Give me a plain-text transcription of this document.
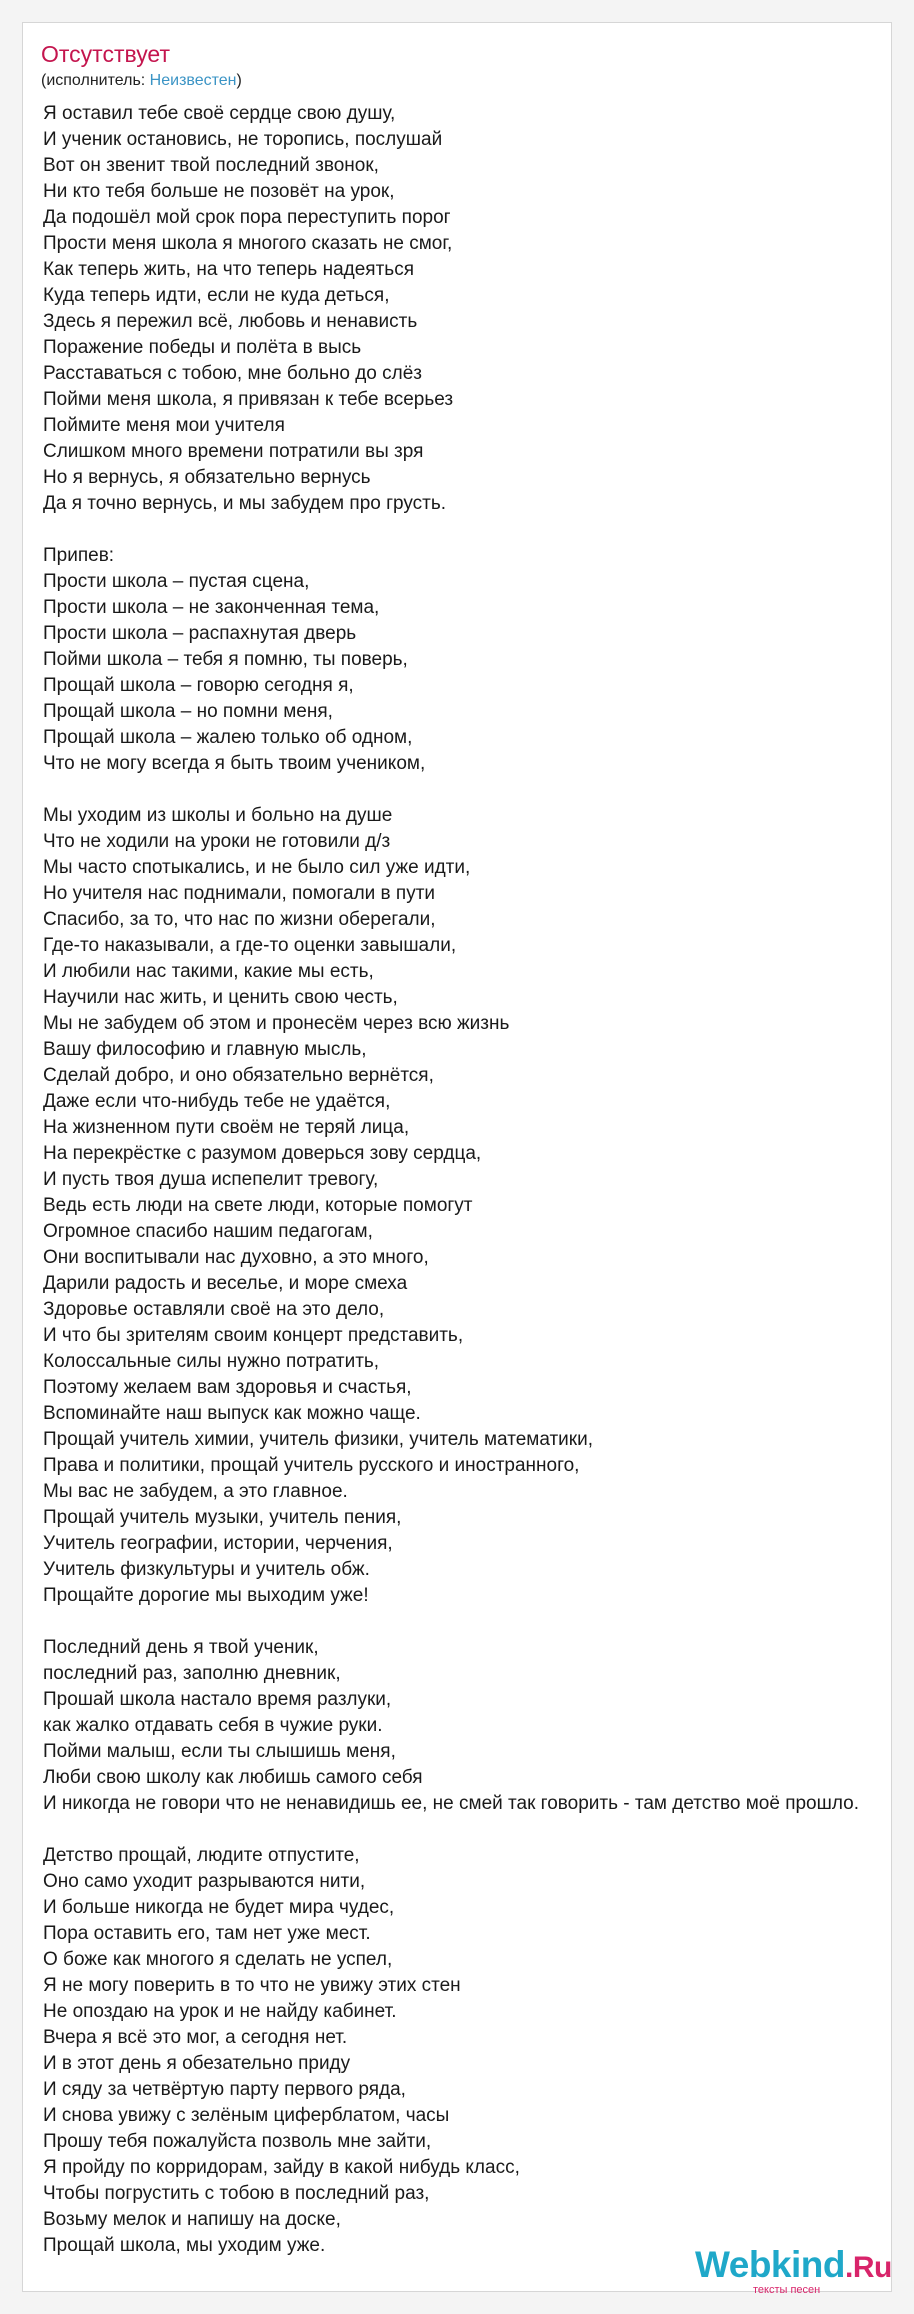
Отсутствует
(исполнитель: Неизвестен)
Я оставил тебе своё сердце свою душу,
И ученик остановись, не торопись, послушай
Вот он звенит твой последний звонок,
Ни кто тебя больше не позовёт на урок,
Да подошёл мой срок пора переступить порог
Прости меня школа я многого сказать не смог,
Как теперь жить, на что теперь надеяться
Куда теперь идти, если не куда деться,
Здесь я пережил всё, любовь и ненависть
Поражение победы и полёта в высь
Расставаться с тобою, мне больно до слёз
Пойми меня школа, я привязан к тебе всерьез
Поймите меня мои учителя
Слишком много времени потратили вы зря
Но я вернусь, я обязательно вернусь
Да я точно вернусь, и мы забудем про грусть.
Припев:
Прости школа – пустая сцена,
Прости школа – не законченная тема,
Прости школа – распахнутая дверь
Пойми школа – тебя я помню, ты поверь,
Прощай школа – говорю сегодня я,
Прощай школа – но помни меня,
Прощай школа – жалею только об одном,
Что не могу всегда я быть твоим учеником,
Мы уходим из школы и больно на душе
Что не ходили на уроки не готовили д/з
Мы часто спотыкались, и не было сил уже идти,
Но учителя нас поднимали, помогали в пути
Спасибо, за то, что нас по жизни оберегали,
Где-то наказывали, а где-то оценки завышали,
И любили нас такими, какие мы есть,
Научили нас жить, и ценить свою честь,
Мы не забудем об этом и пронесём через всю жизнь
Вашу философию и главную мысль,
Сделай добро, и оно обязательно вернётся,
Даже если что-нибудь тебе не удаётся,
На жизненном пути своём не теряй лица,
На перекрёстке с разумом доверься зову сердца,
И пусть твоя душа испепелит тревогу,
Ведь есть люди на свете люди, которые помогут
Огромное спасибо нашим педагогам,
Они воспитывали нас духовно, а это много,
Дарили радость и веселье, и море смеха
Здоровье оставляли своё на это дело,
И что бы зрителям своим концерт представить,
Колоссальные силы нужно потратить,
Поэтому желаем вам здоровья и счастья,
Вспоминайте наш выпуск как можно чаще.
Прощай учитель химии, учитель физики, учитель математики,
Права и политики, прощай учитель русского и иностранного,
Мы вас не забудем, а это главное.
Прощай учитель музыки, учитель пения,
Учитель географии, истории, черчения,
Учитель физкультуры и учитель обж.
Прощайте дорогие мы выходим уже!
Последний день я твой ученик,
последний раз, заполню дневник,
Прошай школа настало время разлуки,
как жалко отдавать себя в чужие руки.
Пойми малыш, если ты слышишь меня,
Люби свою школу как любишь самого себя
И никогда не говори что не ненавидишь ее, не смей так говорить - там детство моё прошло.
Детство прощай, людите отпустите,
Оно само уходит разрываются нити,
И больше никогда не будет мира чудес,
Пора оставить его, там нет уже мест.
О боже как многого я сделать не успел,
Я не могу поверить в то что не увижу этих стен
Не опоздаю на урок и не найду кабинет.
Вчера я всё это мог, а сегодня нет.
И в этот день я обезательно приду
И сяду за четвёртую парту первого ряда,
И снова увижу с зелёным циферблатом, часы
Прошу тебя пожалуйста позволь мне зайти,
Я пройду по корридорам, зайду в какой нибудь класс,
Чтобы погрустить с тобою в последний раз,
Возьму мелок и напишу на доске,
Прощай школа, мы уходим уже.	Webkind.Ru
тексты песен
